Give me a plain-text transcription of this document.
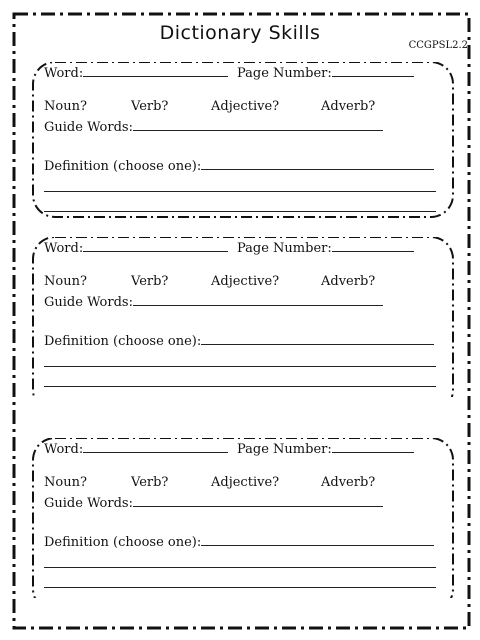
Dictionary Skills
CCGPSL2.2
Word:	Page Number:
Noun?	Verb?	Adjective?	Adverb?
Guide Words:
Definition (choose one):
Word:	Page Number:
Noun?	Verb?	Adjective?	Adverb?
Guide Words:
Definition (choose one):
Word:	Page Number:
Noun?	Verb?	Adjective?	Adverb?
Guide Words:
Definition (choose one):
